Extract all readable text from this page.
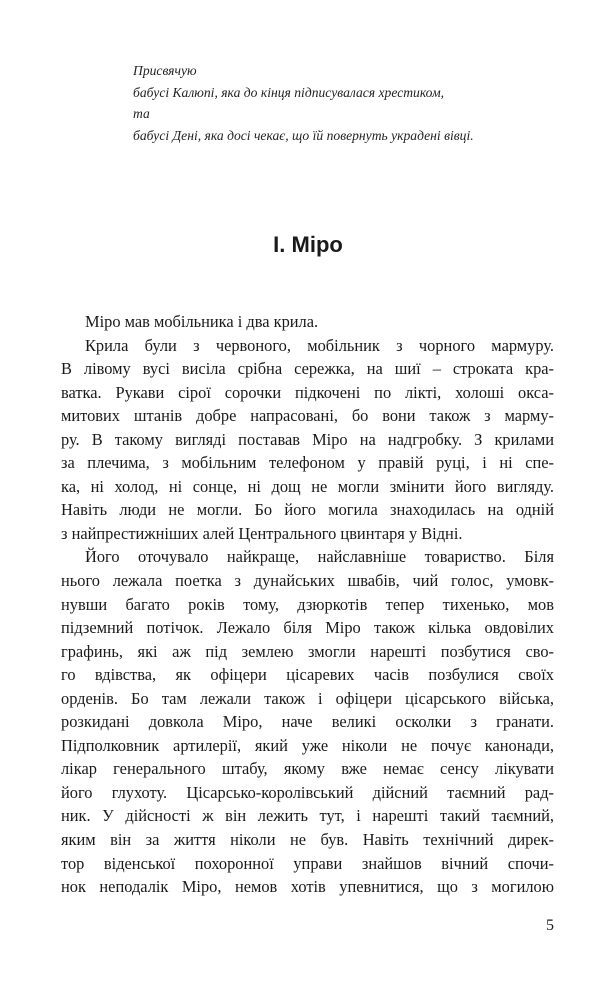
Присвячую
бабусі Калюпі, яка до кінця підписувалася хрестиком,
та
бабусі Дені, яка досі чекає, що їй повернуть украдені вівці.
I. Міро
Міро мав мобільника і два крила.
Крила були з червоного, мобільник з чорного мармуру.
В лівому вусі висіла срібна сережка, на шиї – строката кра-
ватка. Рукави сірої сорочки підкочені по лікті, холоші окса-
митових штанів добре напрасовані, бо вони також з марму-
ру. В такому вигляді поставав Міро на надгробку. З крилами
за плечима, з мобільним телефоном у правій руці, і ні спе-
ка, ні холод, ні сонце, ні дощ не могли змінити його вигляду.
Навіть люди не могли. Бо його могила знаходилась на одній
з найпрестижніших алей Центрального цвинтаря у Відні.
Його оточувало найкраще, найславніше товариство. Біля
нього лежала поетка з дунайських швабів, чий голос, умовк-
нувши багато років тому, дзюркотів тепер тихенько, мов
підземний потічок. Лежало біля Міро також кілька овдовілих
графинь, які аж під землею змогли нарешті позбутися сво-
го вдівства, як офіцери цісаревих часів позбулися своїх
орденів. Бо там лежали також і офіцери цісарського війська,
розкидані довкола Міро, наче великі осколки з гранати.
Підполковник артилерії, який уже ніколи не почує канонади,
лікар генерального штабу, якому вже немає сенсу лікувати
його глухоту. Цісарсько-королівський дійсний таємний рад-
ник. У дійсності ж він лежить тут, і нарешті такий таємний,
яким він за життя ніколи не був. Навіть технічний дирек-
тор віденської похоронної управи знайшов вічний спочи-
нок неподалік Міро, немов хотів упевнитися, що з могилою
5
